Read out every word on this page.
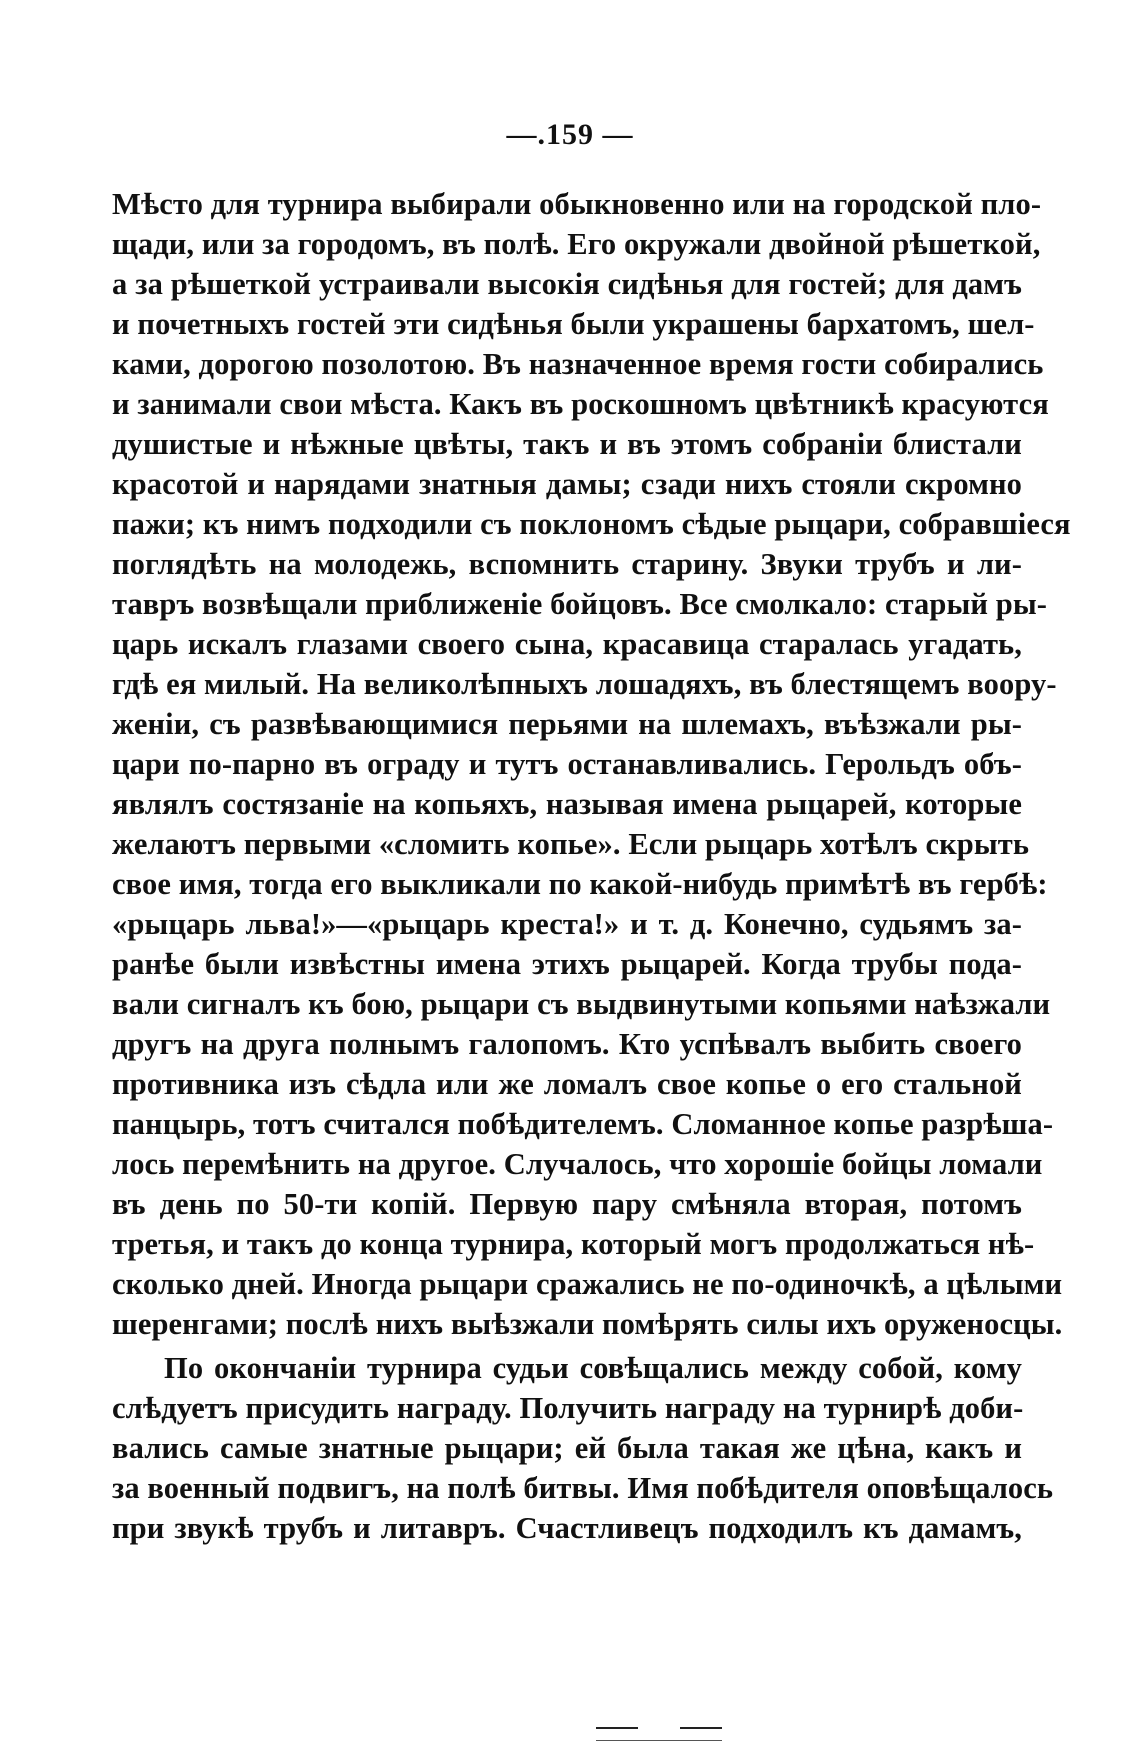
—.159 —
Мѣсто для турнира выбирали обыкновенно или на городской пло-
щади, или за городомъ, въ полѣ. Его окружали двойной рѣшеткой,
а за рѣшеткой устраивали высокія сидѣнья для гостей; для дамъ
и почетныхъ гостей эти сидѣнья были украшены бархатомъ, шел-
ками, дорогою позолотою. Въ назначенное время гости собирались
и занимали свои мѣста. Какъ въ роскошномъ цвѣтникѣ красуются
душистые и нѣжные цвѣты, такъ и въ этомъ собраніи блистали
красотой и нарядами знатныя дамы; сзади нихъ стояли скромно
пажи; къ нимъ подходили съ поклономъ сѣдые рыцари, собравшіеся
поглядѣть на молодежь, вспомнить старину. Звуки трубъ и ли-
тавръ возвѣщали приближеніе бойцовъ. Все смолкало: старый ры-
царь искалъ глазами своего сына, красавица старалась угадать,
гдѣ ея милый. На великолѣпныхъ лошадяхъ, въ блестящемъ воору-
женіи, съ развѣвающимися перьями на шлемахъ, въѣзжали ры-
цари по-парно въ ограду и тутъ останавливались. Герольдъ объ-
являлъ состязаніе на копьяхъ, называя имена рыцарей, которые
желаютъ первыми «сломить копье». Если рыцарь хотѣлъ скрыть
свое имя, тогда его выкликали по какой-нибудь примѣтѣ въ гербѣ:
«рыцарь льва!»—«рыцарь креста!» и т. д. Конечно, судьямъ за-
ранѣе были извѣстны имена этихъ рыцарей. Когда трубы пода-
вали сигналъ къ бою, рыцари съ выдвинутыми копьями наѣзжали
другъ на друга полнымъ галопомъ. Кто успѣвалъ выбить своего
противника изъ сѣдла или же ломалъ свое копье о его стальной
панцырь, тотъ считался побѣдителемъ. Сломанное копье разрѣша-
лось перемѣнить на другое. Случалось, что хорошіе бойцы ломали
въ день по 50-ти копій. Первую пару смѣняла вторая, потомъ
третья, и такъ до конца турнира, который могъ продолжаться нѣ-
сколько дней. Иногда рыцари сражались не по-одиночкѣ, а цѣлыми
шеренгами; послѣ нихъ выѣзжали помѣрять силы ихъ оруженосцы.
По окончаніи турнира судьи совѣщались между собой, кому
слѣдуетъ присудить награду. Получить награду на турнирѣ доби-
вались самые знатные рыцари; ей была такая же цѣна, какъ и
за военный подвигъ, на полѣ битвы. Имя побѣдителя оповѣщалось
при звукѣ трубъ и литавръ. Счастливецъ подходилъ къ дамамъ,
